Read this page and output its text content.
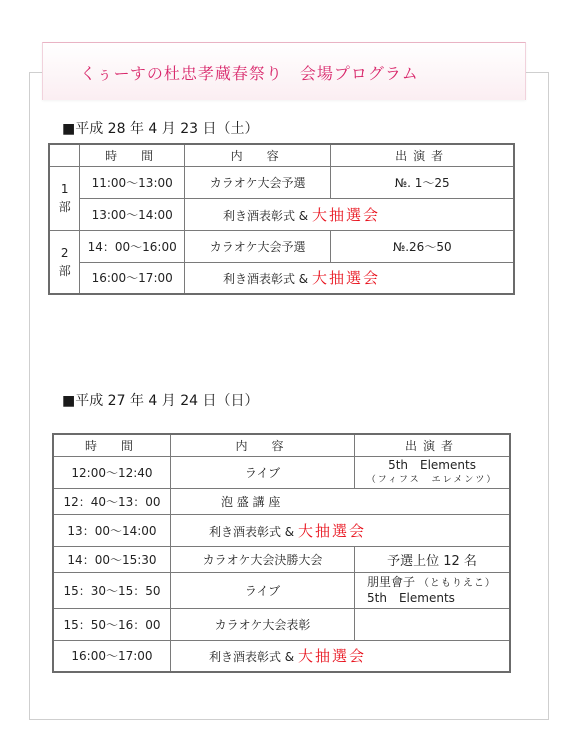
くぅーすの杜忠孝蔵春祭り　会場プログラム
■平成 28 年 4 月 23 日（土）
	時　間	内　容	出演者
1
部	11:00～13:00	カラオケ大会予選	№. 1～25
	13:00～14:00	利き酒表彰式 & 大抽選会	
2
部	14：00～16:00	カラオケ大会予選	№.26～50
	16:00～17:00	利き酒表彰式 & 大抽選会	
■平成 27 年 4 月 24 日（日）
時　間	内　容	出演者
12:00～12:40	ライブ	5th　Elements
（フィフス　エレメンツ）

12：40～13：00	泡 盛 講 座	
13：00～14:00	利き酒表彰式 & 大抽選会	
14：00～15:30	カラオケ大会決勝大会	予選上位 12 名
15：30～15：50	ライブ	朋里會子 （ともりえこ）
5th　Elements
15：50～16：00	カラオケ大会表彰	
16:00～17:00	利き酒表彰式 & 大抽選会	
